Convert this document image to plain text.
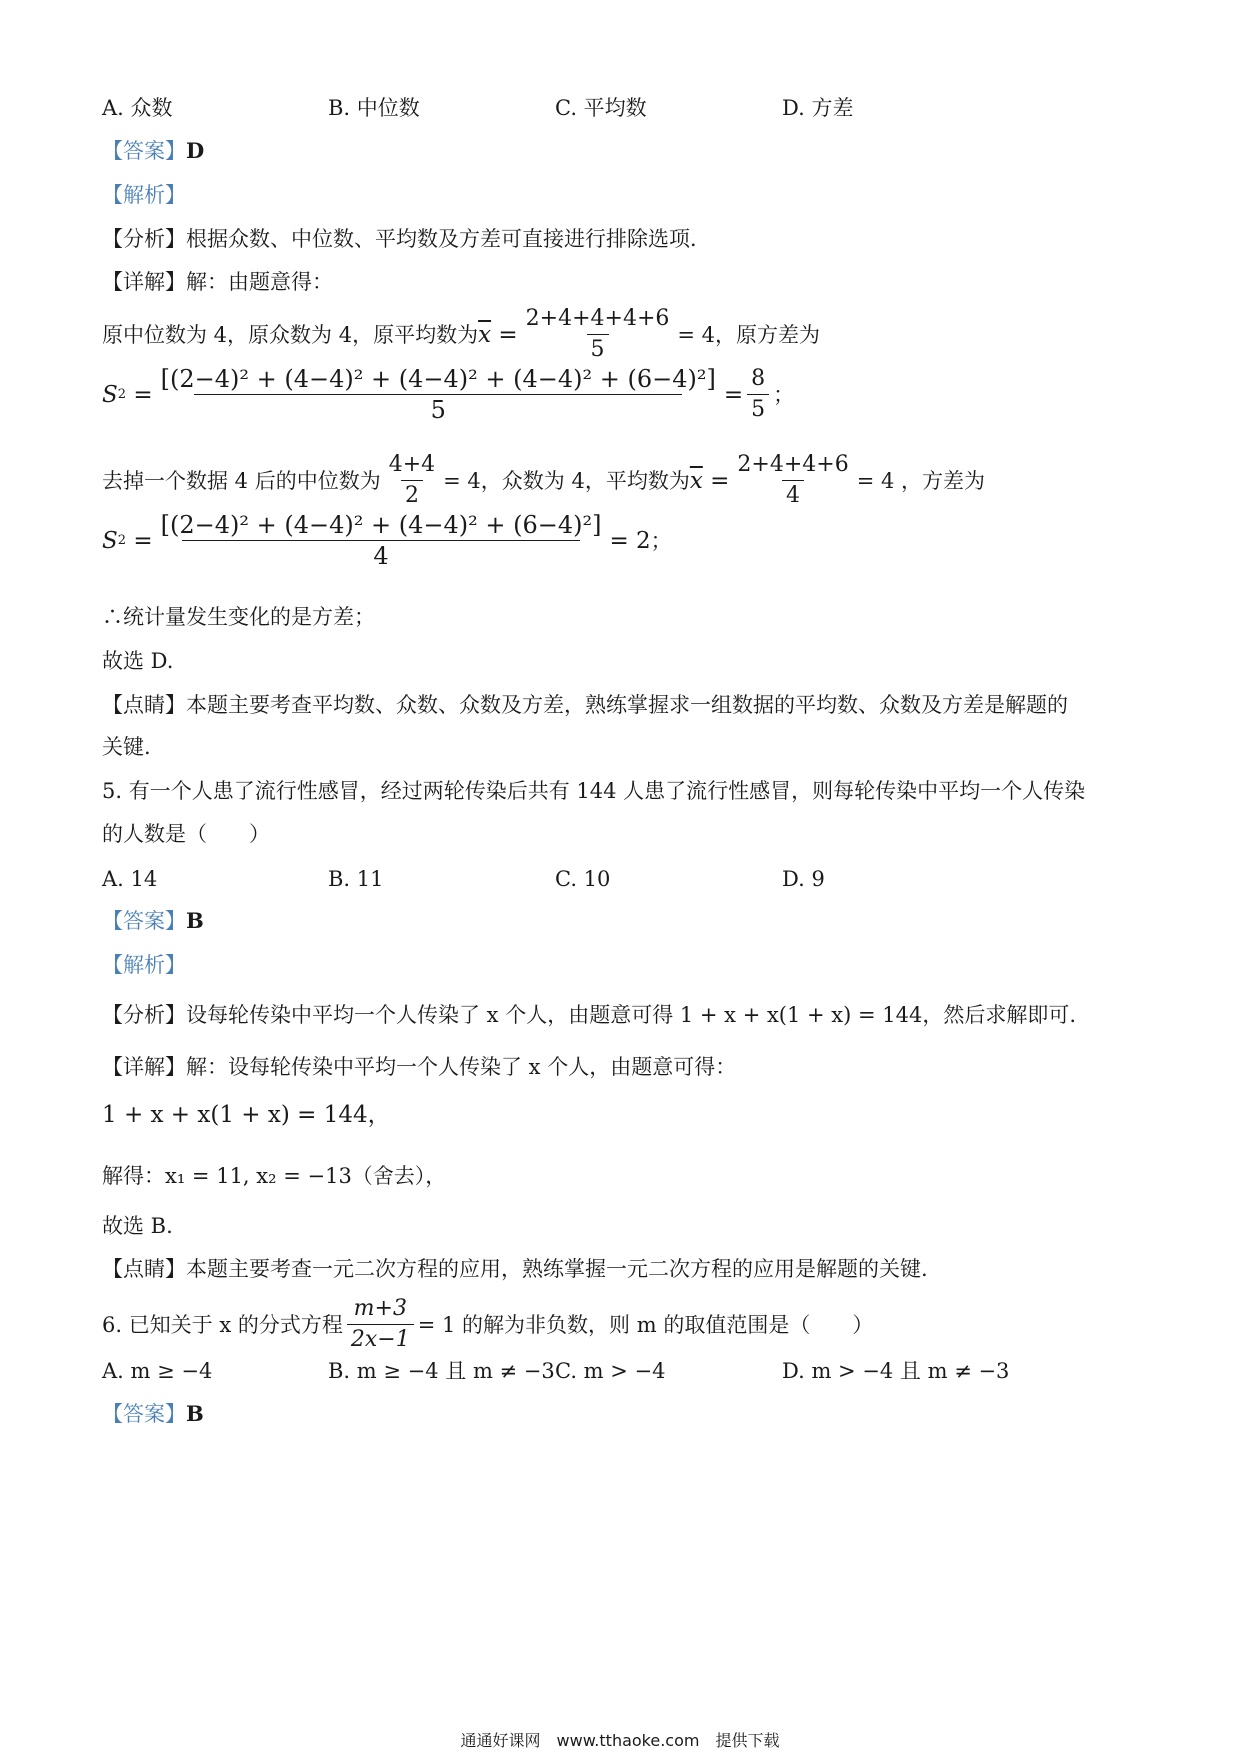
A. 众数	B. 中位数	C. 平均数	D. 方差
【答案】D
【解析】
【分析】根据众数、中位数、平均数及方差可直接进行排除选项．
【详解】解：由题意得：
原中位数为 4，原众数为 4，原平均数为 $\overline{x} = \frac{2+4+4+4+6}{5} = 4$，原方差为
S $2 = \frac{\text{[(2−4)² + (4−4)² + (4−4)² + (4−4)² + (6−4)²]}}{5} = \frac{8}{5}$ ；
去掉一个数据 4 后的中位数为 $\frac{4+4}{2} = 4$，众数为 4，平均数为 $\overline{x} = \frac{2+4+4+6}{4} = 4$ ，方差为
S $2 = \frac{\text{[(2−4)² + (4−4)² + (4−4)² + (6−4)²]}}{4} = 2$ ；
∴统计量发生变化的是方差；
故选 D.
【点睛】本题主要考查平均数、众数、众数及方差，熟练掌握求一组数据的平均数、众数及方差是解题的
关键.
5. 有一个人患了流行性感冒，经过两轮传染后共有 144 人患了流行性感冒，则每轮传染中平均一个人传染
的人数是（　　）
A. 14	B. 11	C. 10	D. 9
【答案】B
【解析】
【分析】设每轮传染中平均一个人传染了 x 个人，由题意可得 1 + x + x(1 + x) = 144，然后求解即可.
【详解】解：设每轮传染中平均一个人传染了 x 个人，由题意可得：
1 + x + x(1 + x) = 144，
解得：x₁ = 11, x₂ = −13（舍去），
故选 B.
【点睛】本题主要考查一元二次方程的应用，熟练掌握一元二次方程的应用是解题的关键.
6. 已知关于 x 的分式方程 $\frac{m+3}{2x-1} = 1$ 的解为非负数，则 m 的取值范围是（　　）
A. m ≥ −4	B. m ≥ −4 且 m ≠ −3 C. m > −4	D. m > −4 且 m ≠ −3
【答案】B
通通好课网　www.tthaoke.com　提供下载
